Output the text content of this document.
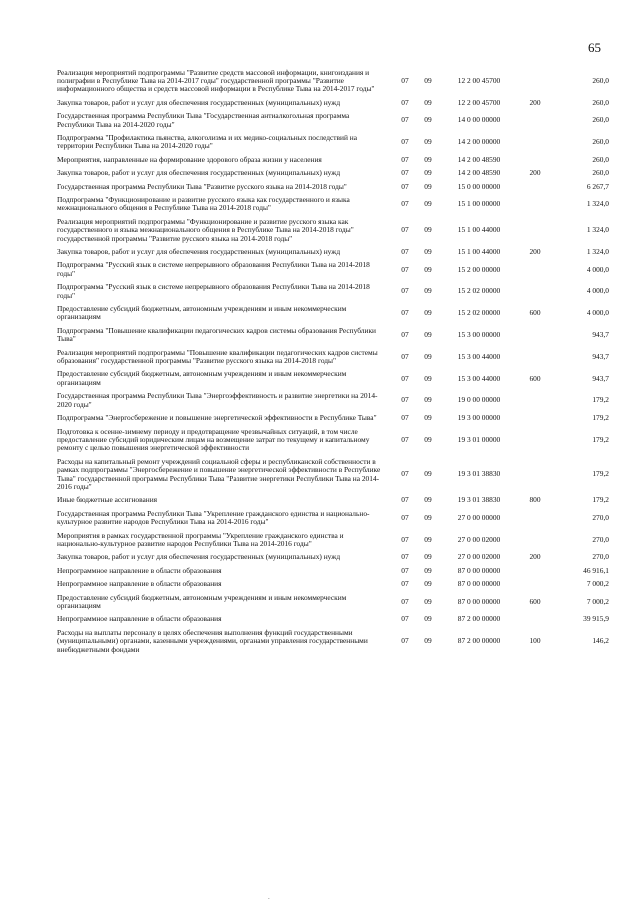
65
Реализация мероприятий подпрограммы "Развитие средств массовой информации, книгоиздания и полиграфии в Республике Тыва на 2014-2017 годы" государственной программы "Развитие информационного общества и средств массовой информации в Республике Тыва на 2014-2017 годы"	07	09	12 2 00 45700		260,0
Закупка товаров, работ и услуг для обеспечения государственных (муниципальных) нужд	07	09	12 2 00 45700	200	260,0
Государственная программа Республики Тыва "Государственная антиалкогольная программа Республики Тыва на 2014-2020 годы"	07	09	14 0 00 00000		260,0
Подпрограмма "Профилактика пьянства, алкоголизма и их медико-социальных последствий на территории Республики Тыва на 2014-2020 годы"	07	09	14 2 00 00000		260,0
Мероприятия, направленные на формирование здорового образа жизни у населения	07	09	14 2 00 48590		260,0
Закупка товаров, работ и услуг для обеспечения государственных (муниципальных) нужд	07	09	14 2 00 48590	200	260,0
Государственная программа Республики Тыва "Развитие русского языка на 2014-2018 годы"	07	09	15 0 00 00000		6 267,7
Подпрограмма "Функционирование и развитие русского языка как государственного и языка межнационального общения в Республике Тыва на 2014-2018 годы"	07	09	15 1 00 00000		1 324,0
Реализация мероприятий подпрограммы "Функционирование и развитие русского языка как государственного и языка межнационального общения в Республике Тыва на 2014-2018 годы" государственной программы "Развитие русского языка на 2014-2018 годы"	07	09	15 1 00 44000		1 324,0
Закупка товаров, работ и услуг для обеспечения государственных (муниципальных) нужд	07	09	15 1 00 44000	200	1 324,0
Подпрограмма "Русский язык в системе непрерывного образования Республики Тыва на 2014-2018 годы"	07	09	15 2 00 00000		4 000,0
Подпрограмма "Русский язык в системе непрерывного образования Республики Тыва на 2014-2018 годы"	07	09	15 2 02 00000		4 000,0
Предоставление субсидий бюджетным, автономным учреждениям и иным некоммерческим организациям	07	09	15 2 02 00000	600	4 000,0
Подпрограмма "Повышение квалификации педагогических кадров системы образования Республики Тыва"	07	09	15 3 00 00000		943,7
Реализация мероприятий подпрограммы "Повышение квалификации педагогических кадров системы образования" государственной программы "Развитие русского языка на 2014-2018 годы"	07	09	15 3 00 44000		943,7
Предоставление субсидий бюджетным, автономным учреждениям и иным некоммерческим организациям	07	09	15 3 00 44000	600	943,7
Государственная программа Республики Тыва "Энергоэффективность и развитие энергетики на 2014-2020 годы"	07	09	19 0 00 00000		179,2
Подпрограмма "Энергосбережение и повышение энергетической эффективности в Республике Тыва"	07	09	19 3 00 00000		179,2
Подготовка к осенне-зимнему периоду и предотвращение чрезвычайных ситуаций, в том числе предоставление субсидий юридическим лицам на возмещение затрат по текущему и капитальному ремонту с целью повышения энергетической эффективности	07	09	19 3 01 00000		179,2
Расходы на капитальный ремонт учреждений социальной сферы и республиканской собственности в рамках подпрограммы "Энергосбережение и повышение энергетической эффективности в Республике Тыва" государственной программы Республики Тыва "Развитие энергетики Республики Тыва на 2014-2016 годы"	07	09	19 3 01 38830		179,2
Иные бюджетные ассигнования	07	09	19 3 01 38830	800	179,2
Государственная программа Республики Тыва "Укрепление гражданского единства и национально-культурное развитие народов Республики Тыва на 2014-2016 годы"	07	09	27 0 00 00000		270,0
Мероприятия в рамках государственной программы "Укрепление гражданского единства и национально-культурное развитие народов Республики Тыва на 2014-2016 годы"	07	09	27 0 00 02000		270,0
Закупка товаров, работ и услуг для обеспечения государственных (муниципальных) нужд	07	09	27 0 00 02000	200	270,0
Непрограммное направление в области образования	07	09	87 0 00 00000		46 916,1
Непрограммное направление в области образования	07	09	87 0 00 00000		7 000,2
Предоставление субсидий бюджетным, автономным учреждениям и иным некоммерческим организациям	07	09	87 0 00 00000	600	7 000,2
Непрограммное направление в области образования	07	09	87 2 00 00000		39 915,9
Расходы на выплаты персоналу в целях обеспечения выполнения функций государственными (муниципальными) органами, казенными учреждениями, органами управления государственными внебюджетными фондами	07	09	87 2 00 00000	100	146,2
.
